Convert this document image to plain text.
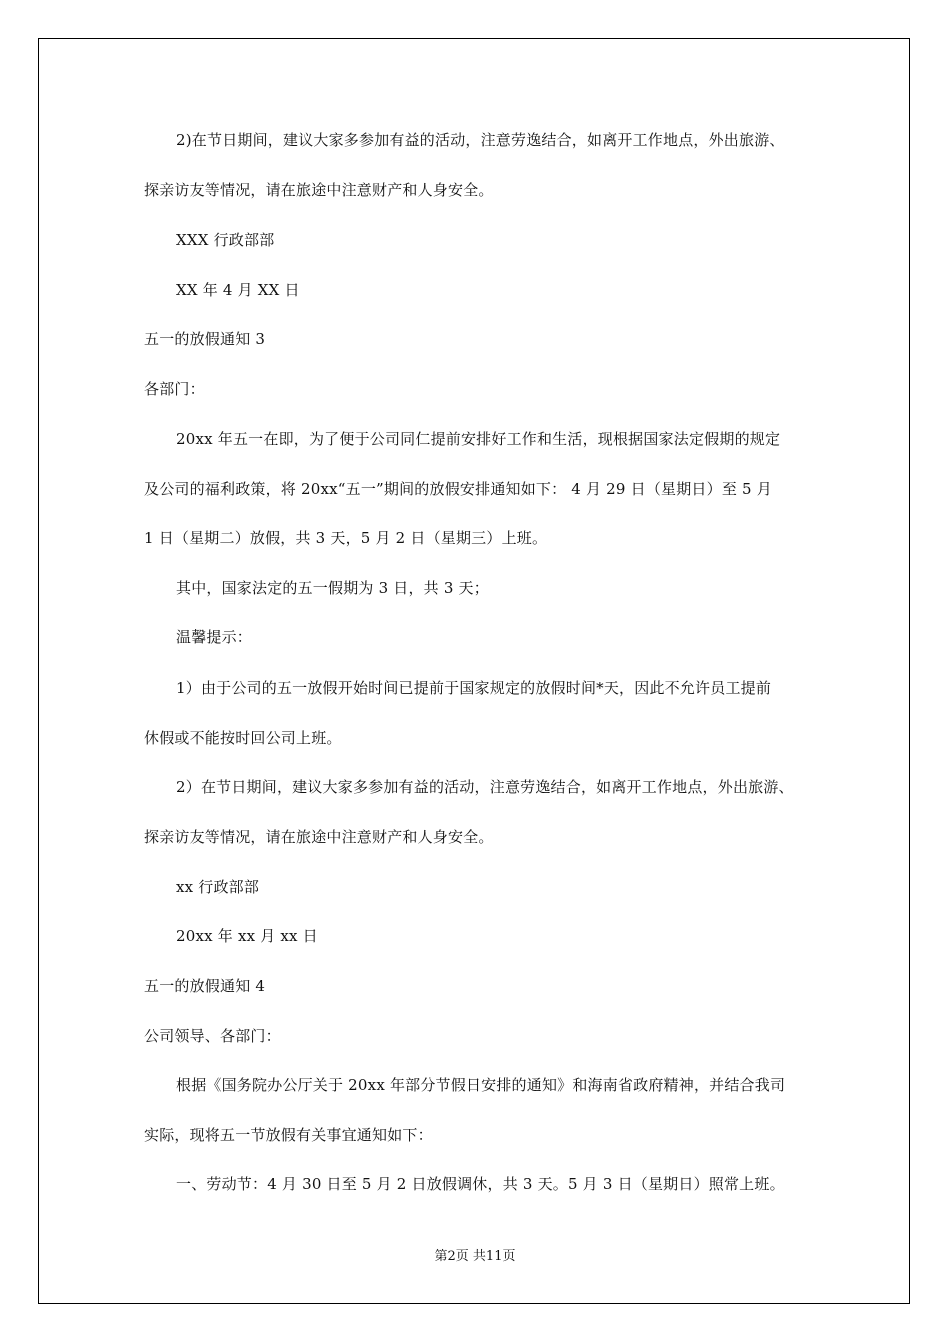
2)在节日期间，建议大家多参加有益的活动，注意劳逸结合，如离开工作地点，外出旅游、
探亲访友等情况，请在旅途中注意财产和人身安全。
XXX 行政部部
XX 年 4 月 XX 日
五一的放假通知 3
各部门：
20xx 年五一在即，为了便于公司同仁提前安排好工作和生活，现根据国家法定假期的规定
及公司的福利政策，将 20xx“五一”期间的放假安排通知如下： 4 月 29 日（星期日）至 5 月
1 日（星期二）放假，共 3 天，5 月 2 日（星期三）上班。
其中，国家法定的五一假期为 3 日，共 3 天；
温馨提示：
1）由于公司的五一放假开始时间已提前于国家规定的放假时间*天，因此不允许员工提前
休假或不能按时回公司上班。
2）在节日期间，建议大家多参加有益的活动，注意劳逸结合，如离开工作地点，外出旅游、
探亲访友等情况，请在旅途中注意财产和人身安全。
xx 行政部部
20xx 年 xx 月 xx 日
五一的放假通知 4
公司领导、各部门：
根据《国务院办公厅关于 20xx 年部分节假日安排的通知》和海南省政府精神，并结合我司
实际，现将五一节放假有关事宜通知如下：
一、劳动节：4 月 30 日至 5 月 2 日放假调休，共 3 天。5 月 3 日（星期日）照常上班。
第2页 共11页
